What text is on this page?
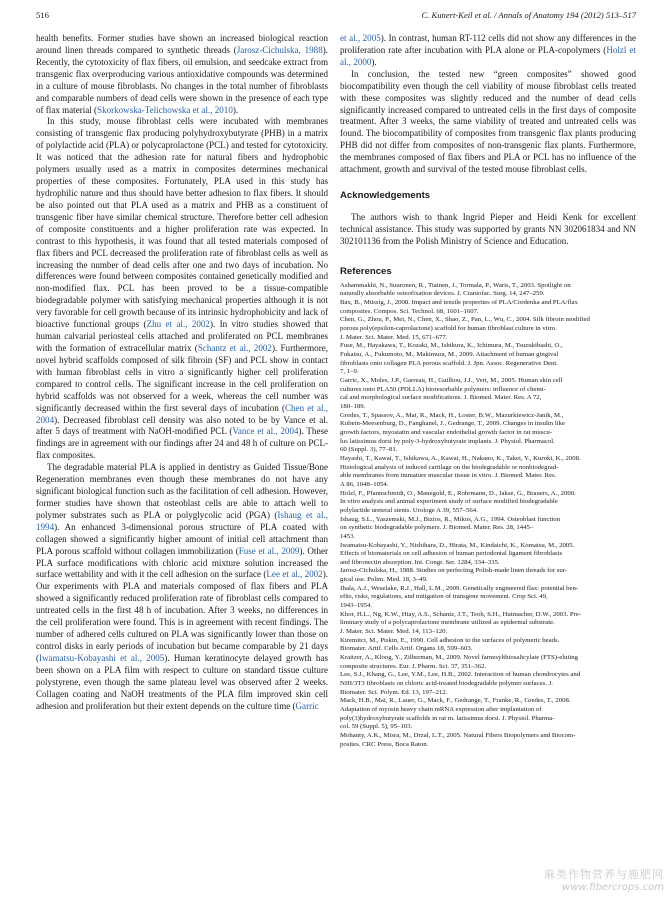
516	C. Kunert-Keil et al. / Annals of Anatomy 194 (2012) 513–517

health benefits. Former studies have shown an increased biological reaction around linen threads compared to synthetic threads (Jarosz-Cichulska, 1988). Recently, the cytotoxicity of flax fibers, oil emulsion, and seedcake extract from transgenic flax overproducing various antioxidative compounds was determined in a culture of mouse fibroblasts. No changes in the total number of fibroblasts and comparable numbers of dead cells were shown in the presence of each type of flax material (Skorkowska-Telichowska et al., 2010).

In this study, mouse fibroblast cells were incubated with membranes consisting of transgenic flax producing polyhydroxybutyrate (PHB) in a matrix of polylactide acid (PLA) or polycaprolactone (PCL) and tested for cytotoxicity. It was noticed that the adhesion rate for natural fibers and hydrophobic polymers usually used as a matrix in composites determines mechanical properties of these composites. Fortunately, PLA used in this study has hydrophilic nature and thus should have better adhesion to flax fibers. It should be also pointed out that PLA used as a matrix and PHB as a constituent of transgenic fiber have similar chemical structure. Therefore better cell adhesion of composite constituents and a higher proliferation rate was expected. In contrast to this hypothesis, it was found that all tested materials composed of flax fibers and PCL decreased the proliferation rate of fibroblast cells as well as increasing the number of dead cells after one and two days of incubation. No differences were found between composites contained genetically modified and non-modified flax. PCL has been proved to be a tissue-compatible biodegradable polymer with satisfying mechanical properties although it is not very favorable for cell growth because of its intrinsic hydrophobicity and lack of bioactive functional groups (Zhu et al., 2002). In vitro studies showed that human calvarial periosteal cells attached and proliferated on PCL membranes with the formation of extracellular matrix (Schantz et al., 2002). Furthermore, novel hybrid scaffolds composed of silk fibroin (SF) and PCL show in contact with human fibroblast cells in vitro a significantly higher cell proliferation compared to control cells. The significant increase in the cell proliferation on hybrid scaffolds was not observed for a week, whereas the cell number was significantly decreased within the first several days of incubation (Chen et al., 2004). Decreased fibroblast cell density was also noted to be by Vance et al. after 5 days of treatment with NaOH-modified PCL (Vance et al., 2004). These findings are in agreement with our findings after 24 and 48 h of culture on PCL-flax composites.

The degradable material PLA is applied in dentistry as Guided Tissue/Bone Regeneration membranes even though these membranes do not have any significant biological function such as the facilitation of cell adhesion. However, former studies have shown that osteoblast cells are able to attach well to polymer substrates such as PLA or polyglycolic acid (PGA) (Ishaug et al., 1994). An enhanced 3-dimensional porous structure of PLA coated with collagen showed a significantly higher amount of initial cell attachment than PLA porous scaffold without collagen immobilization (Fuse et al., 2009). Other PLA surface modifications with chloric acid mixture solution increased the surface wettability and with it the cell adhesion on the surface (Lee et al., 2002). Our experiments with PLA and materials composed of flax fibers and PLA showed a significantly reduced proliferation rate of fibroblast cells compared to untreated cells in the first 48 h of incubation. After 3 weeks, no differences in the cell proliferation were found. This is in agreement with recent findings. The number of adhered cells cultured on PLA was significantly lower than those on control disks in early periods of incubation but became comparable by 21 days (Iwamatsu-Kobayashi et al., 2005). Human keratinocyte delayed growth has been shown on a PLA film with respect to culture on standard tissue culture polystyrene, even though the same plateau level was observed after 2 weeks. Collagen coating and NaOH treatments of the PLA film improved skin cell adhesion and proliferation but their extent depends on the culture time (Garric

et al., 2005). In contrast, human RT-112 cells did not show any differences in the proliferation rate after incubation with PLA alone or PLA-copolymers (Holzl et al., 2000).

In conclusion, the tested new “green composites” showed good biocompatibility even though the cell viability of mouse fibroblast cells treated with these composites was slightly reduced and the number of dead cells significantly increased compared to untreated cells in the first days of composite treatment. After 3 weeks, the same viability of treated and untreated cells was found. The biocompatibility of composites from transgenic flax plants producing PHB did not differ from composites of non-transgenic flax plants. Furthermore, the membranes composed of flax fibers and PLA or PCL has no influence of the attachment, growth and survival of the tested mouse fibroblast cells.

Acknowledgements

The authors wish to thank Ingrid Pieper and Heidi Kenk for excellent technical assistance. This study was supported by grants NN 302061834 and NN 302101136 from the Polish Ministry of Science and Education.

References
Ashammakhi, N., Suuronen, R., Tiainen, J., Tormala, P., Waris, T., 2003. Spotlight on
naturally absorbable osteofixation devices. J. Craniofac. Surg. 14, 247–259.
Bax, B., Müssig, J., 2008. Impact and tensile properties of PLA/Cordenka and PLA/flax
composites. Compos. Sci. Technol. 68, 1601–1607.
Chen, G., Zhou, P., Mei, N., Chen, X., Shao, Z., Pan, L., Wu, C., 2004. Silk fibroin modified
porous poly(epsilon-caprolactone) scaffold for human fibroblast culture in vitro.
J. Mater. Sci. Mater. Med. 15, 671–677.
Fuse, M., Hayakawa, T., Kozaki, M., Ishikura, K., Ichimura, M., Tsuzukibashi, O.,
Fukatsu, A., Fukumoto, M., Makimura, M., 2009. Attachment of human gingival
fibroblasts onto collagen PLA porous scaffold. J. Jpn. Assoc. Regenerative Dent.
7, 1–9.
Garric, X., Moles, J.P., Garreau, H., Guilhou, J.J., Vert, M., 2005. Human skin cell
cultures onto PLA50 (PDLLA) bioresorbable polymers: influence of chemi-
cal and morphological surface modifications. J. Biomed. Mater. Res. A 72,
180–189.
Gredes, T., Spassov, A., Mai, R., Mack, H., Loster, B.W., Mazurkiewicz-Janik, M.,
Kubein-Meesenburg, D., Fanghanel, J., Gedrange, T., 2009. Changes in insulin like
growth factors, myostatin and vascular endothelial growth factor in rat muscu-
lus latissimus dorsi by poly-3-hydroxybutyrate implants. J. Physiol. Pharmacol.
60 (Suppl. 3), 77–81.
Hayashi, T., Kawai, T., Ishikawa, A., Kawai, H., Nakano, K., Takei, Y., Kuroki, K., 2008.
Histological analysis of induced cartilage on the biodegradable or nonbiodegrad-
able membranes from immature muscular tissue in vitro. J. Biomed. Mater. Res.
A 86, 1048–1054.
Holzl, F., Pfannschmidt, O., Manegold, E., Rohrmann, D., Jakse, G., Brauers, A., 2000.
In vitro analysis and animal experiment study of surface modified biodegradable
polylactide ureteral stents. Urologe A 39, 557–564.
Ishaug, S.L., Yaszemski, M.J., Bizios, R., Mikos, A.G., 1994. Osteoblast function
on synthetic biodegradable polymers. J. Biomed. Mater. Res. 28, 1445–
1453.
Iwamatsu-Kobayashi, Y., Nishihara, D., Hirata, M., Kindaichi, K., Komatsu, M., 2005.
Effects of biomaterials on cell adhesion of human periodontal ligament fibroblasts
and fibronectin absorption. Int. Congr. Ser. 1284, 334–335.
Jarosz-Cichulska, H., 1988. Studies on perfecting Polish-made linen threads for sur-
gical use. Polim. Med. 18, 3–49.
Jhala, A.J., Weselake, R.J., Hall, L.M., 2009. Genetically engineered flax: potential ben-
efits, risks, regulations, and mitigation of transgene movement. Crop Sci. 49,
1943–1954.
Khor, H.L., Ng, K.W., Htay, A.S., Schantz, J.T., Teoh, S.H., Hutmacher, D.W., 2003. Pre-
liminary study of a polycaprolactone membrane utilized as epidermal substrate.
J. Mater. Sci. Mater. Med. 14, 113–120.
Kiremitci, M., Piskin, E., 1990. Cell adhesion to the surfaces of polymeric beads.
Biomater. Artif. Cells Artif. Organs 18, 599–603.
Kraitzer, A., Kloog, Y., Zilberman, M., 2009. Novel farnesylthiosalicylate (FTS)-eluting
composite structures. Eur. J. Pharm. Sci. 37, 351–362.
Lee, S.J., Khang, G., Lee, Y.M., Lee, H.B., 2002. Interaction of human chondrocytes and
NIH/3T3 fibroblasts on chloric acid-treated biodegradable polymer surfaces. J.
Biomater. Sci. Polym. Ed. 13, 197–212.
Mack, H.B., Mai, R., Lauer, G., Mack, F., Gedrange, T., Franke, R., Gredes, T., 2008.
Adaptation of myosin heavy chain mRNA expression after implantation of
poly(3)hydroxybutyrate scaffolds in rat m. latissimus dorsi. J. Physiol. Pharma-
col. 59 (Suppl. 5), 95–103.
Mohanty, A.K., Misra, M., Drzal, L.T., 2005. Natural Fibers Biopolymers and Biocom-
posites. CRC Press, Boca Raton.
麻类作物营养与施肥网
www.fibercrops.com
